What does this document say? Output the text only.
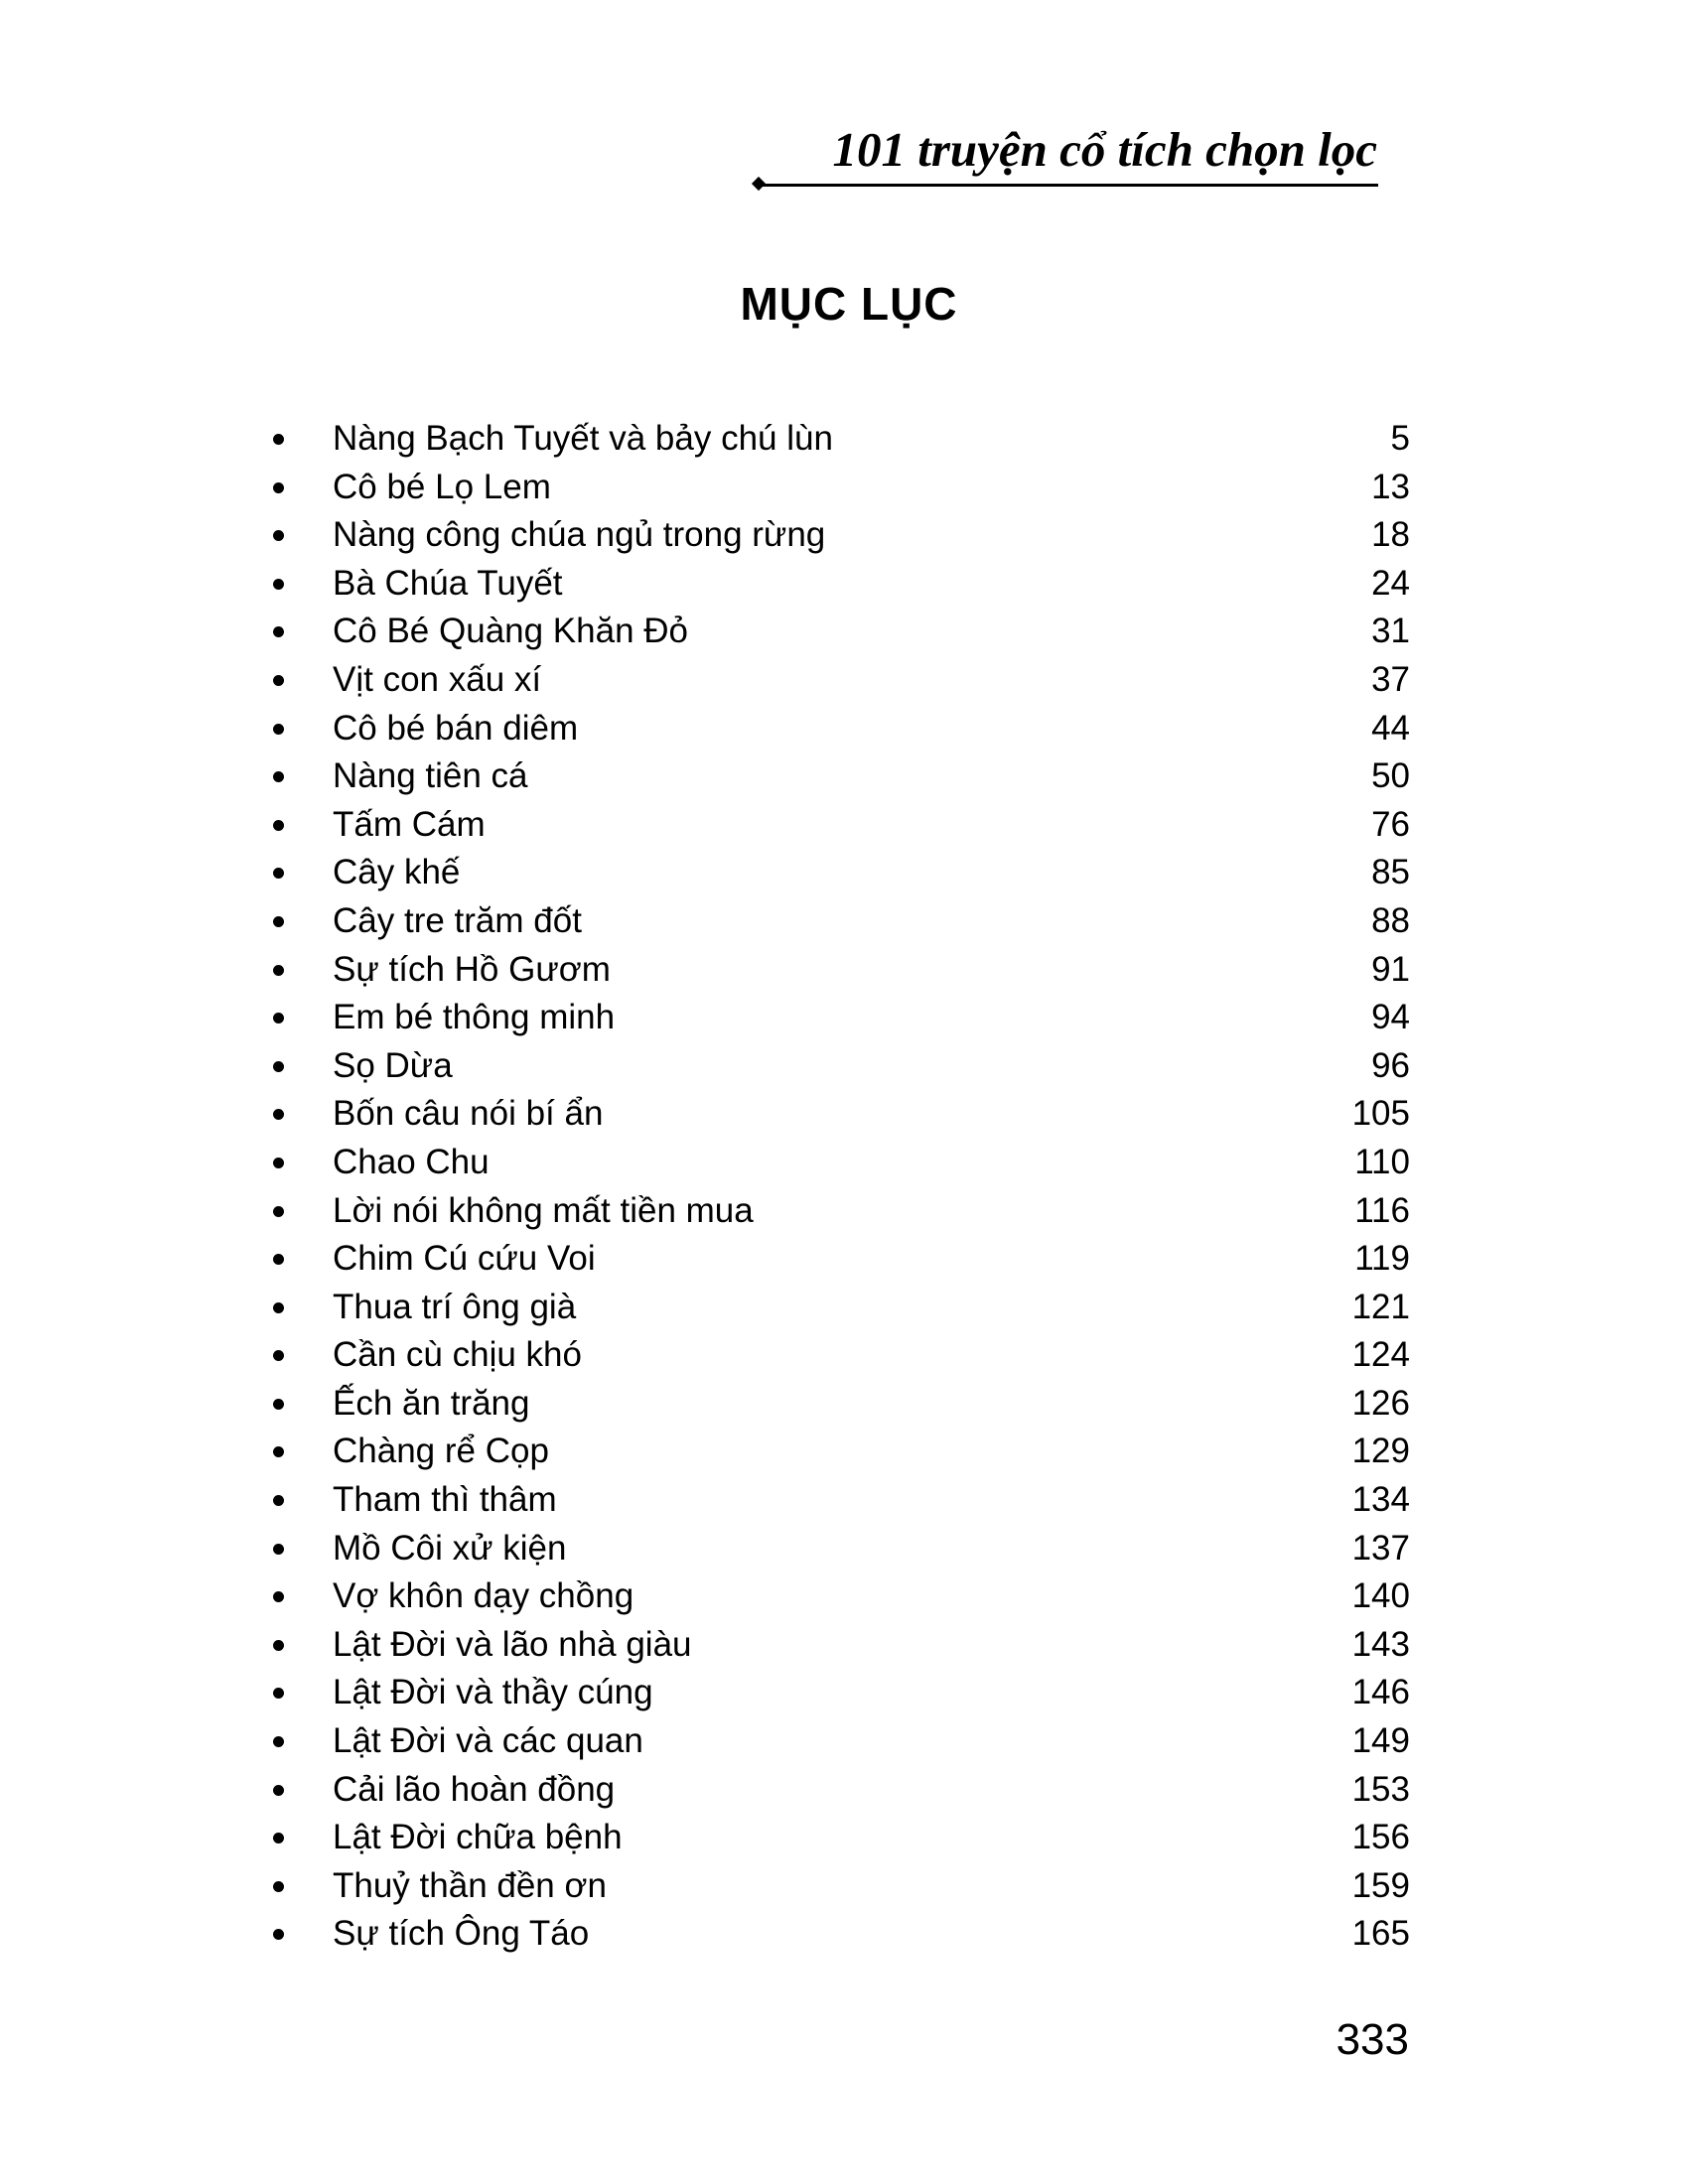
101 truyện cổ tích chọn lọc
MỤC LỤC
Nàng Bạch Tuyết và bảy chú lùn	5
Cô bé Lọ Lem	13
Nàng công chúa ngủ trong rừng	18
Bà Chúa Tuyết	24
Cô Bé Quàng Khăn Đỏ	31
Vịt con xấu xí	37
Cô bé bán diêm	44
Nàng tiên cá	50
Tấm Cám	76
Cây khế	85
Cây tre trăm đốt	88
Sự tích Hồ Gươm	91
Em bé thông minh	94
Sọ Dừa	96
Bốn câu nói bí ẩn	105
Chao Chu	110
Lời nói không mất tiền mua	116
Chim Cú cứu Voi	119
Thua trí ông già	121
Cần cù chịu khó	124
Ếch ăn trăng	126
Chàng rể Cọp	129
Tham thì thâm	134
Mồ Côi xử kiện	137
Vợ khôn dạy chồng	140
Lật Đời và lão nhà giàu	143
Lật Đời và thầy cúng	146
Lật Đời và các quan	149
Cải lão hoàn đồng	153
Lật Đời chữa bệnh	156
Thuỷ thần đền ơn	159
Sự tích Ông Táo	165
333
